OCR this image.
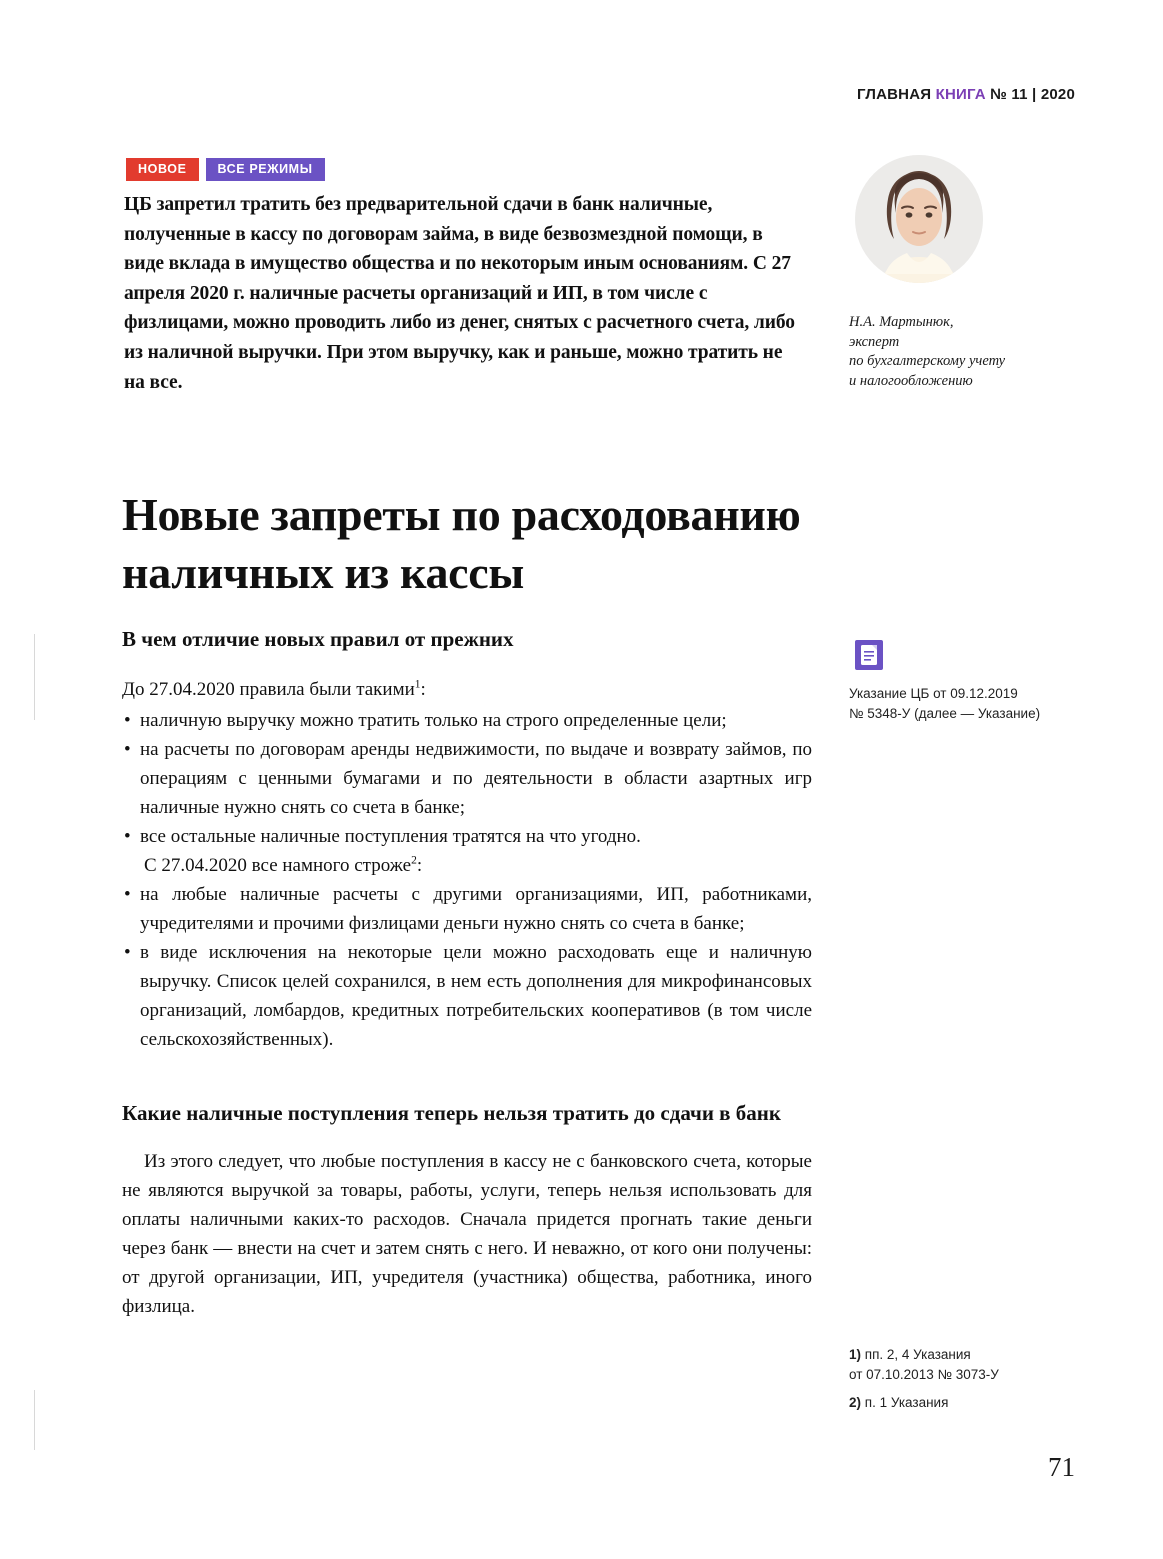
ГЛАВНАЯ КНИГА № 11 | 2020
НОВОЕ	ВСЕ РЕЖИМЫ
ЦБ запретил тратить без предварительной сдачи в банк наличные, полученные в кассу по договорам займа, в виде безвозмездной помощи, в виде вклада в имущество общества и по некоторым иным основаниям. С 27 апреля 2020 г. наличные расчеты организаций и ИП, в том числе с физлицами, можно проводить либо из денег, снятых с расчетного счета, либо из наличной выручки. При этом выручку, как и раньше, можно тратить не на все.
Н.А. Мартынюк,
эксперт
по бухгалтерскому учету
и налогообложению
Новые запреты по расходованию наличных из кассы
В чем отличие новых правил от прежних

До 27.04.2020 правила были такими$^1$:

• наличную выручку можно тратить только на строго определенные цели;
• на расчеты по договорам аренды недвижимости, по выдаче и возврату займов, по операциям с ценными бумагами и по деятельности в области азартных игр наличные нужно снять со счета в банке;
• все остальные наличные поступления тратятся на что угодно.

С 27.04.2020 все намного строже$^2$:

• на любые наличные расчеты с другими организациями, ИП, работниками, учредителями и прочими физлицами деньги нужно снять со счета в банке;
• в виде исключения на некоторые цели можно расходовать еще и наличную выручку. Список целей сохранился, в нем есть дополнения для микрофинансовых организаций, ломбардов, кредитных потребительских кооперативов (в том числе сельскохозяйственных).
Какие наличные поступления теперь нельзя тратить до сдачи в банк

Из этого следует, что любые поступления в кассу не с банковского счета, которые не являются выручкой за товары, работы, услуги, теперь нельзя использовать для оплаты наличными каких-то расходов. Сначала придется прогнать такие деньги через банк — внести на счет и затем снять с него. И неважно, от кого они получены: от другой организации, ИП, учредителя (участника) общества, работника, иного физлица.

Указание ЦБ от 09.12.2019
№ 5348-У (далее — Указание)
1) пп. 2, 4 Указания
от 07.10.2013 № 3073-У
2) п. 1 Указания
71
